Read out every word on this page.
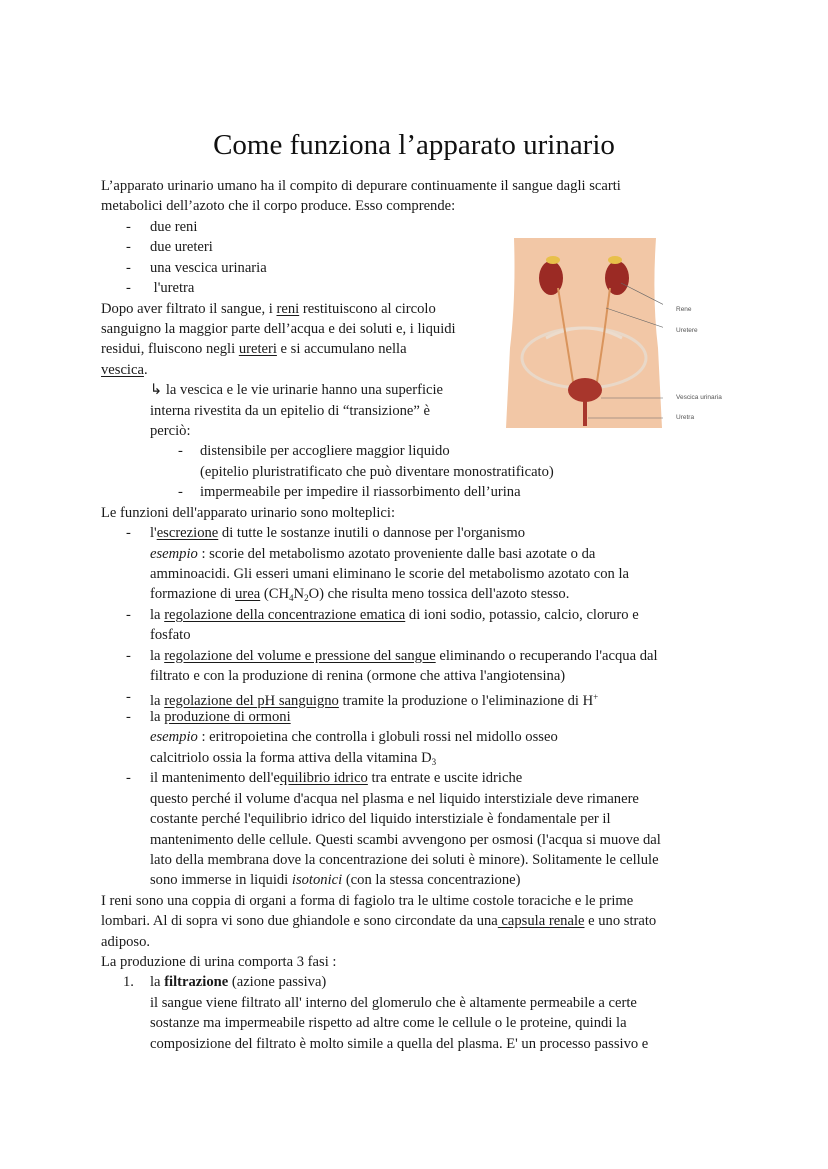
Come funziona l’apparato urinario
L’apparato urinario umano ha il compito di depurare continuamente il sangue dagli scarti
metabolici dell’azoto che il corpo produce. Esso comprende:
- due reni
- due ureteri
- una vescica urinaria
- l'uretra
Dopo aver filtrato il sangue, i reni restituiscono al circolo
sanguigno la maggior parte dell’acqua e dei soluti e, i liquidi
residui, fluiscono negli ureteri e si accumulano nella
vescica.
↳ la vescica e le vie urinarie hanno una superficie
interna rivestita da un epitelio di “transizione” è
perciò:
- distensibile per accogliere maggior liquido
(epitelio pluristratificato che può diventare monostratificato)
- impermeabile per impedire il riassorbimento dell’urina
Le funzioni dell'apparato urinario sono molteplici:
- l'escrezione di tutte le sostanze inutili o dannose per l'organismo
esempio : scorie del metabolismo azotato proveniente dalle basi azotate o da
amminoacidi. Gli esseri umani eliminano le scorie del metabolismo azotato con la
formazione di urea $(CH_4N_2O)$ che risulta meno tossica dell'azoto stesso.
- la regolazione della concentrazione ematica di ioni sodio, potassio, calcio, cloruro e
fosfato
- la regolazione del volume e pressione del sangue eliminando o recuperando l'acqua dal
filtrato e con la produzione di renina (ormone che attiva l'angiotensina)
- la regolazione del pH sanguigno tramite la produzione o l'eliminazione di H+
- la produzione di ormoni
esempio : eritropoietina che controlla i globuli rossi nel midollo osseo
calcitriolo ossia la forma attiva della vitamina $D_3$
- il mantenimento dell'equilibrio idrico tra entrate e uscite idriche
questo perché il volume d'acqua nel plasma e nel liquido interstiziale deve rimanere
costante perché l'equilibrio idrico del liquido interstiziale è fondamentale per il
mantenimento delle cellule. Questi scambi avvengono per osmosi (l'acqua si muove dal
lato della membrana dove la concentrazione dei soluti è minore). Solitamente le cellule
sono immerse in liquidi isotonici (con la stessa concentrazione)
I reni sono una coppia di organi a forma di fagiolo tra le ultime costole toraciche e le prime
lombari. Al di sopra vi sono due ghiandole e sono circondate da una capsula renale e uno strato
adiposo.
La produzione di urina comporta 3 fasi :
1. la filtrazione (azione passiva)
il sangue viene filtrato all' interno del glomerulo che è altamente permeabile a certe
sostanze ma impermeabile rispetto ad altre come le cellule o le proteine, quindi la
composizione del filtrato è molto simile a quella del plasma. E' un processo passivo e
Rene
Uretere
Vescica urinaria
Uretra
